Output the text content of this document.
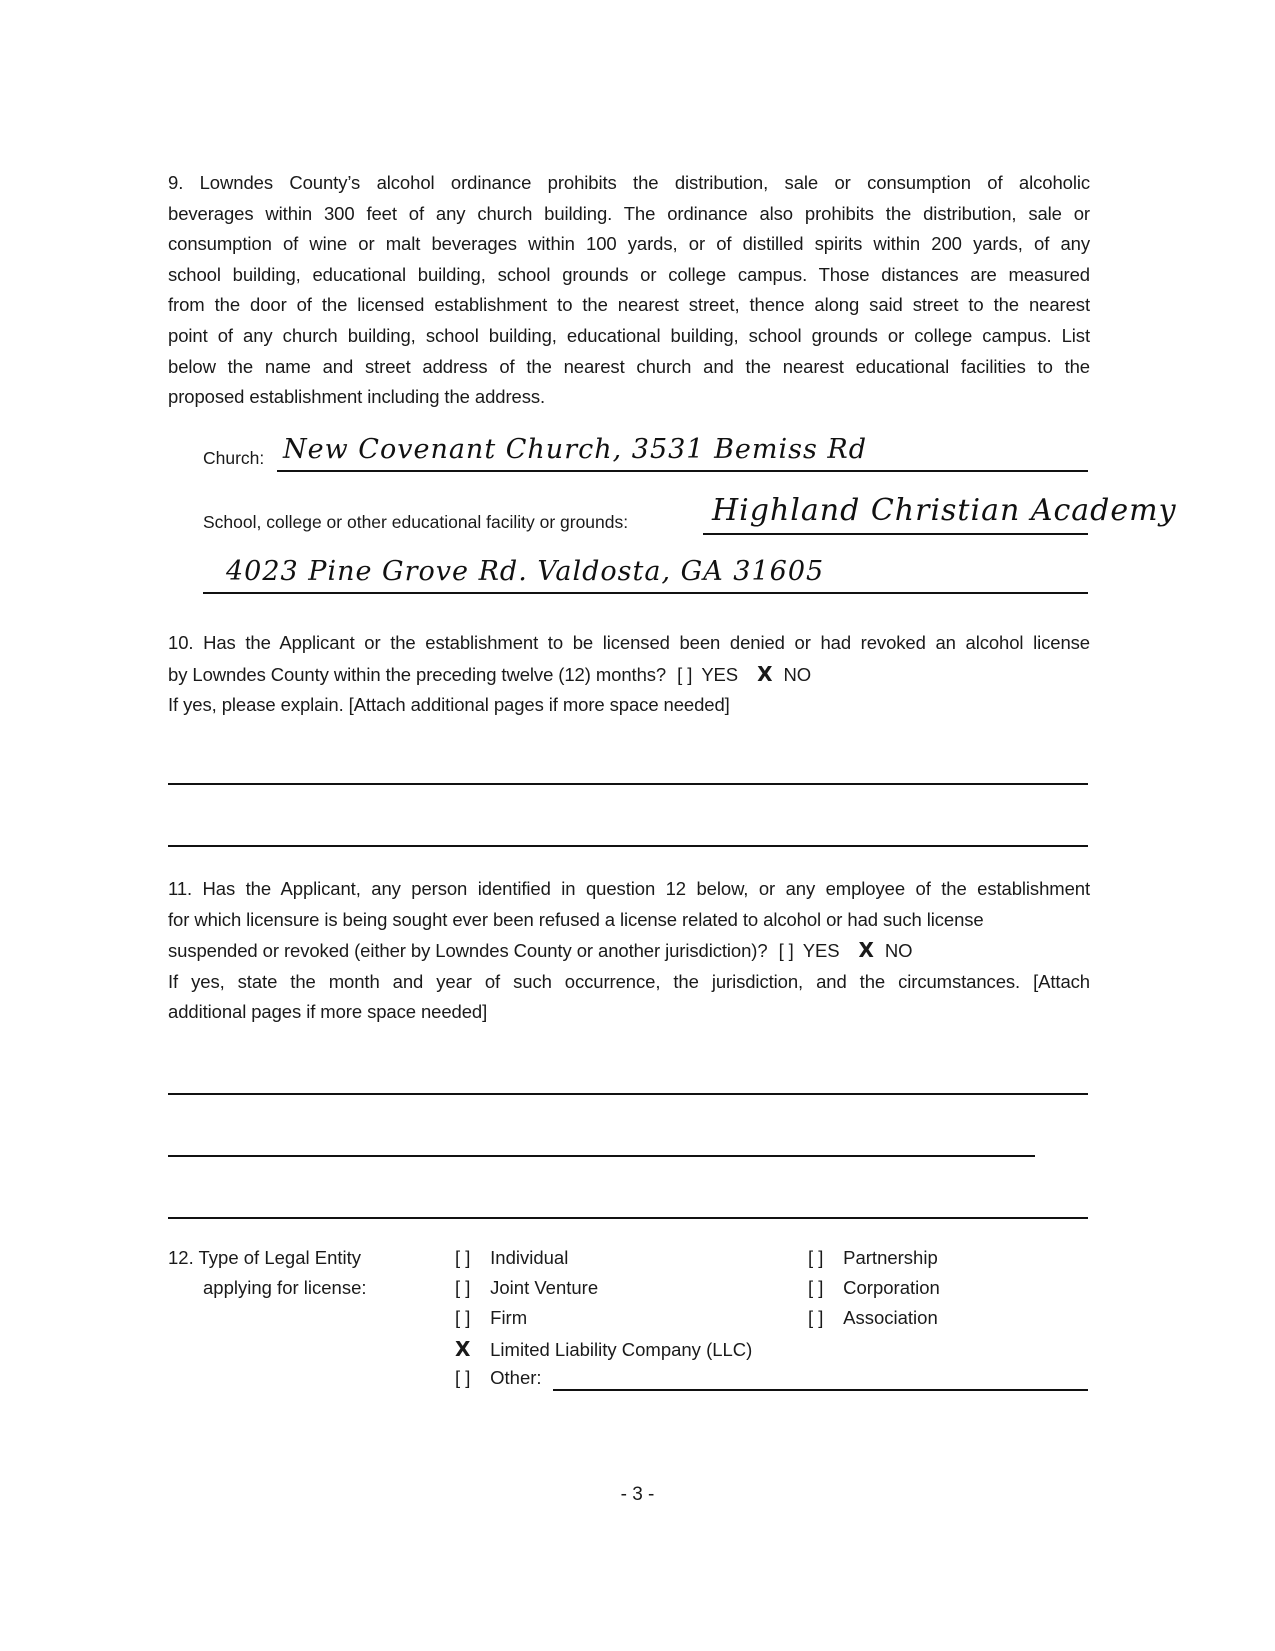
9. Lowndes County’s alcohol ordinance prohibits the distribution, sale or consumption of alcoholic
beverages within 300 feet of any church building. The ordinance also prohibits the distribution, sale or
consumption of wine or malt beverages within 100 yards, or of distilled spirits within 200 yards, of any
school building, educational building, school grounds or college campus. Those distances are measured
from the door of the licensed establishment to the nearest street, thence along said street to the nearest
point of any church building, school building, educational building, school grounds or college campus. List
below the name and street address of the nearest church and the nearest educational facilities to the
proposed establishment including the address.
Church: New Covenant Church, 3531 Bemiss Rd
School, college or other educational facility or grounds:	Highland Christian Academy
4023 Pine Grove Rd. Valdosta, GA 31605
10. Has the Applicant or the establishment to be licensed been denied or had revoked an alcohol license
by Lowndes County within the preceding twelve (12) months? [ ] YES X NO
If yes, please explain. [Attach additional pages if more space needed]
11. Has the Applicant, any person identified in question 12 below, or any employee of the establishment
for which licensure is being sought ever been refused a license related to alcohol or had such license
suspended or revoked (either by Lowndes County or another jurisdiction)? [ ] YES X NO
If yes, state the month and year of such occurrence, the jurisdiction, and the circumstances. [Attach
additional pages if more space needed]
12. Type of Legal Entity
applying for license:
[ ] Individual
[ ] Joint Venture
[ ] Firm
X Limited Liability Company (LLC)
[ ] Other:
[ ] Partnership
[ ] Corporation
[ ] Association
- 3 -
